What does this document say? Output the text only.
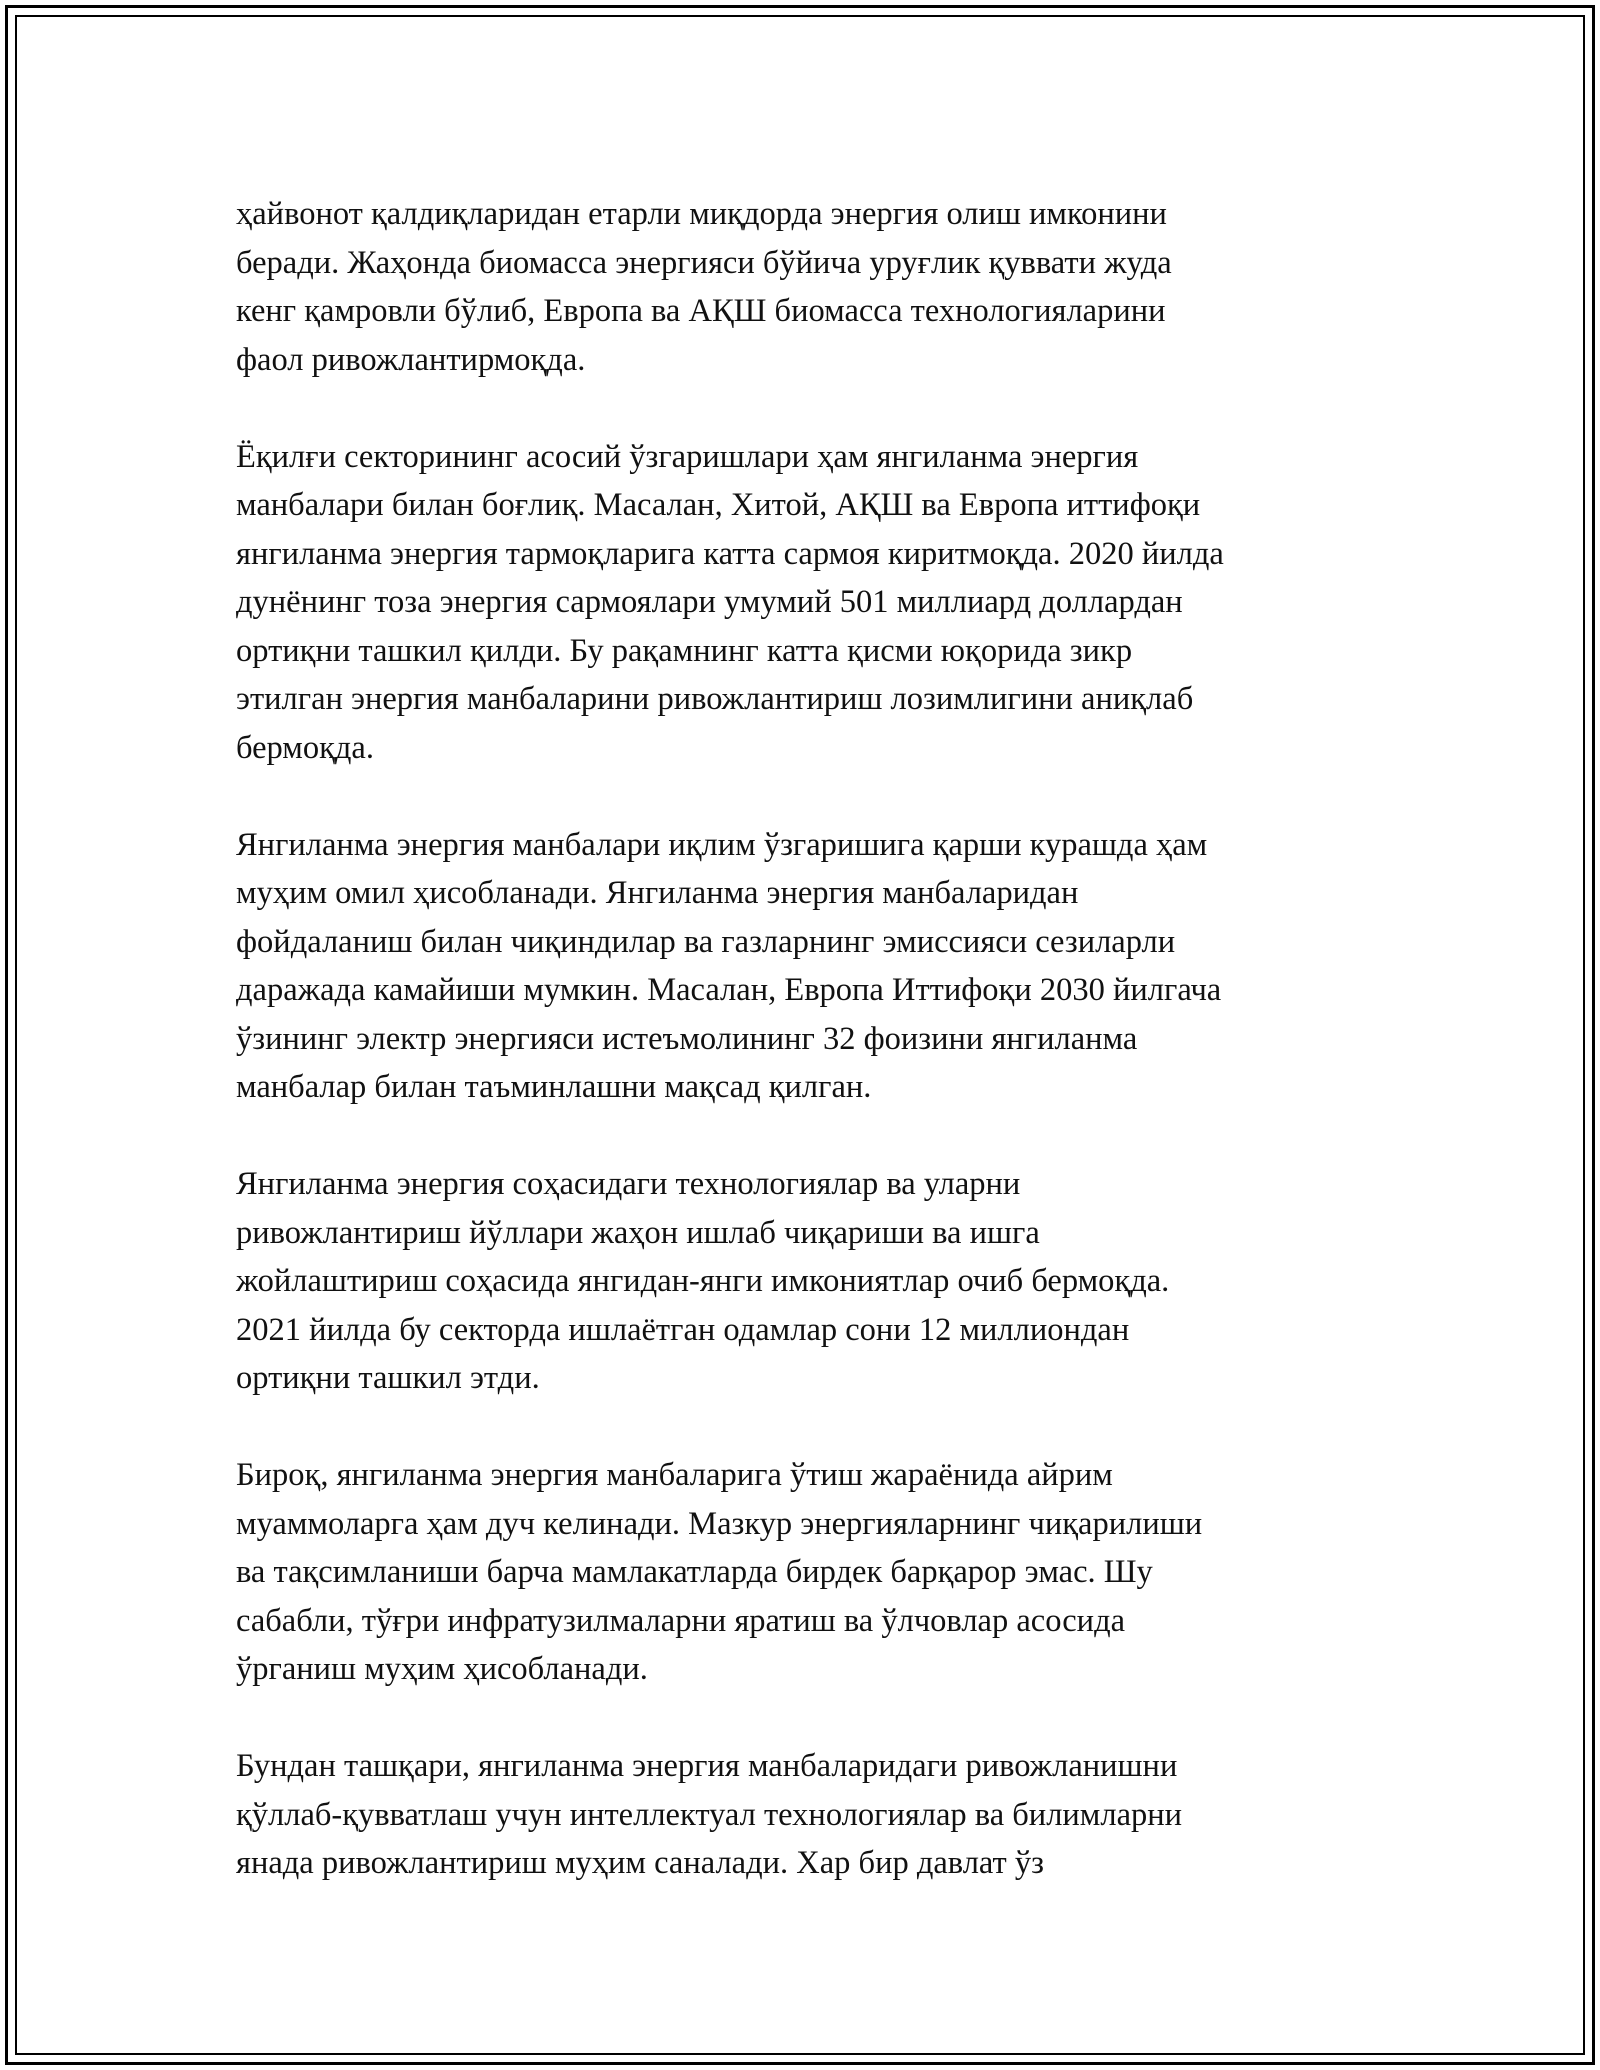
ҳайвонот қалдиқларидан етарли миқдорда энергия олиш имконини
беради. Жаҳонда биомасса энергияси бўйича уруғлик қуввати жуда
кенг қамровли бўлиб, Европа ва АҚШ биомасса технологияларини
фаол ривожлантирмоқда.
Ёқилғи секторининг асосий ўзгаришлари ҳам янгиланма энергия
манбалари билан боғлиқ. Масалан, Хитой, АҚШ ва Европа иттифоқи
янгиланма энергия тармоқларига катта сармоя киритмоқда. 2020 йилда
дунёнинг тоза энергия сармоялари умумий 501 миллиард доллардан
ортиқни ташкил қилди. Бу рақамнинг катта қисми юқорида зикр
этилган энергия манбаларини ривожлантириш лозимлигини аниқлаб
бермоқда.
Янгиланма энергия манбалари иқлим ўзгаришига қарши курашда ҳам
муҳим омил ҳисобланади. Янгиланма энергия манбаларидан
фойдаланиш билан чиқиндилар ва газларнинг эмиссияси сезиларли
даражада камайиши мумкин. Масалан, Европа Иттифоқи 2030 йилгача
ўзининг электр энергияси истеъмолининг 32 фоизини янгиланма
манбалар билан таъминлашни мақсад қилган.
Янгиланма энергия соҳасидаги технологиялар ва уларни
ривожлантириш йўллари жаҳон ишлаб чиқариши ва ишга
жойлаштириш соҳасида янгидан-янги имкониятлар очиб бермоқда.
2021 йилда бу секторда ишлаётган одамлар сони 12 миллиондан
ортиқни ташкил этди.
Бироқ, янгиланма энергия манбаларига ўтиш жараёнида айрим
муаммоларга ҳам дуч келинади. Мазкур энергияларнинг чиқарилиши
ва тақсимланиши барча мамлакатларда бирдек барқарор эмас. Шу
сабабли, тўғри инфратузилмаларни яратиш ва ўлчовлар асосида
ўрганиш муҳим ҳисобланади.
Бундан ташқари, янгиланма энергия манбаларидаги ривожланишни
қўллаб-қувватлаш учун интеллектуал технологиялар ва билимларни
янада ривожлантириш муҳим саналади. Хар бир давлат ўз
